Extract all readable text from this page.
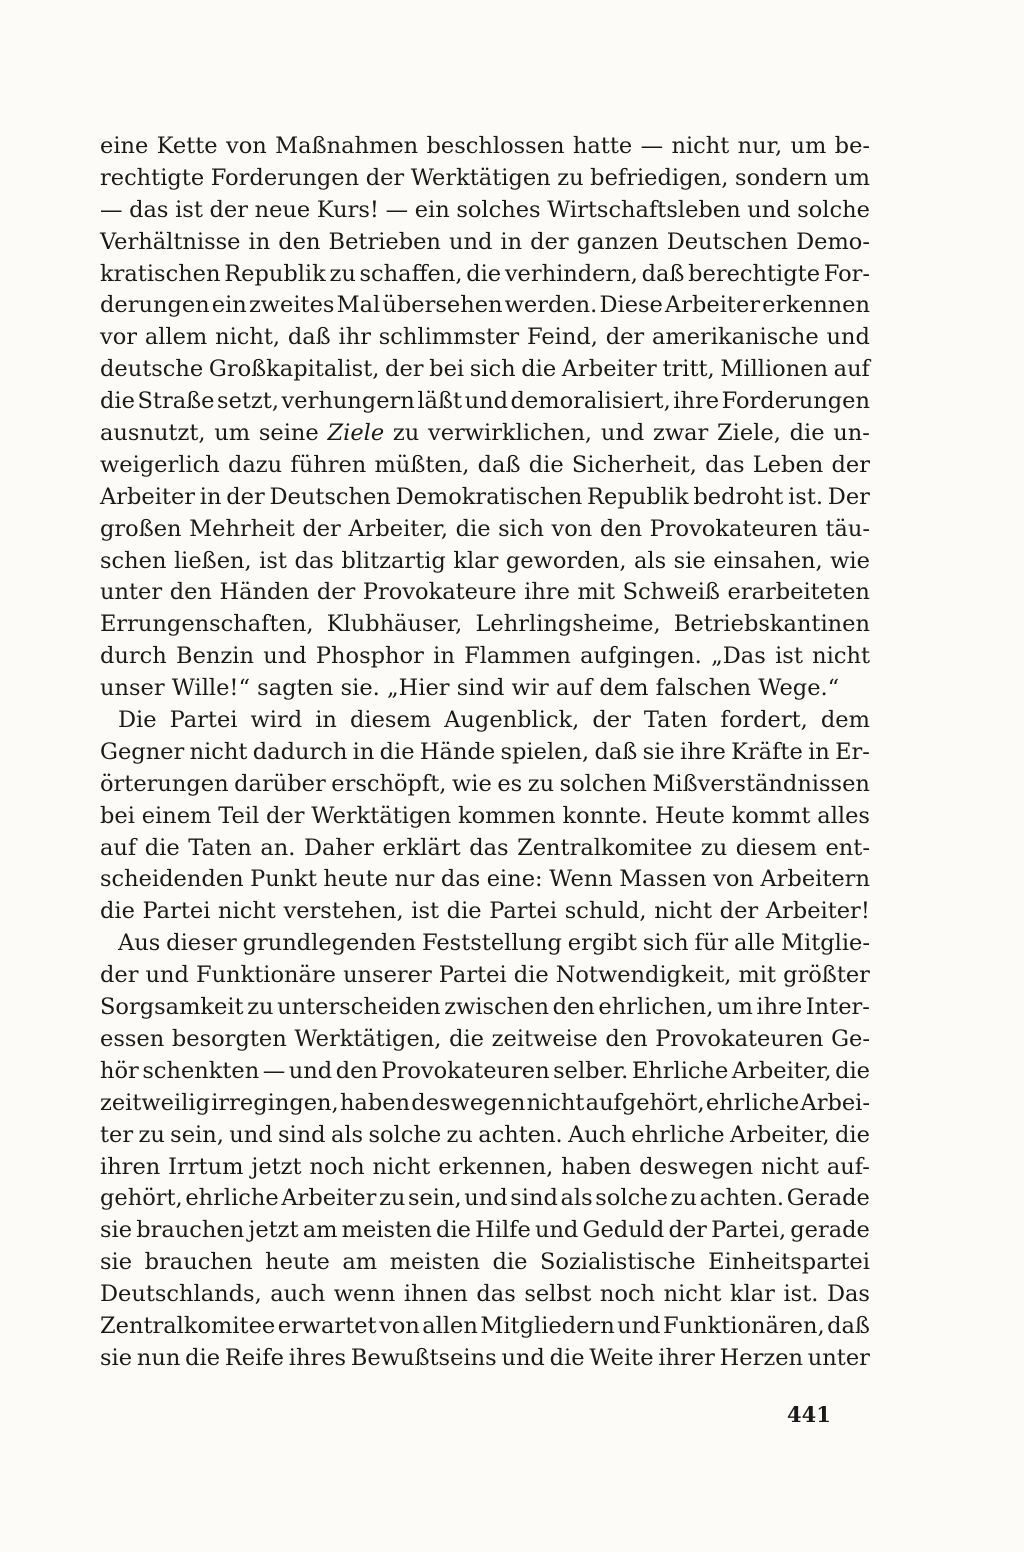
eine Kette von Maßnahmen beschlossen hatte — nicht nur, um be-
rechtigte Forderungen der Werktätigen zu befriedigen, sondern um
— das ist der neue Kurs! — ein solches Wirtschaftsleben und solche
Verhältnisse in den Betrieben und in der ganzen Deutschen Demo-
kratischen Republik zu schaffen, die verhindern, daß berechtigte For-
derungen ein zweites Mal übersehen werden. Diese Arbeiter erkennen
vor allem nicht, daß ihr schlimmster Feind, der amerikanische und
deutsche Großkapitalist, der bei sich die Arbeiter tritt, Millionen auf
die Straße setzt, verhungern läßt und demoralisiert, ihre Forderungen
ausnutzt, um seine Ziele zu verwirklichen, und zwar Ziele, die un-
weigerlich dazu führen müßten, daß die Sicherheit, das Leben der
Arbeiter in der Deutschen Demokratischen Republik bedroht ist. Der
großen Mehrheit der Arbeiter, die sich von den Provokateuren täu-
schen ließen, ist das blitzartig klar geworden, als sie einsahen, wie
unter den Händen der Provokateure ihre mit Schweiß erarbeiteten
Errungenschaften, Klubhäuser, Lehrlingsheime, Betriebskantinen
durch Benzin und Phosphor in Flammen aufgingen. „Das ist nicht
unser Wille!“ sagten sie. „Hier sind wir auf dem falschen Wege.“
Die Partei wird in diesem Augenblick, der Taten fordert, dem
Gegner nicht dadurch in die Hände spielen, daß sie ihre Kräfte in Er-
örterungen darüber erschöpft, wie es zu solchen Mißverständnissen
bei einem Teil der Werktätigen kommen konnte. Heute kommt alles
auf die Taten an. Daher erklärt das Zentralkomitee zu diesem ent-
scheidenden Punkt heute nur das eine: Wenn Massen von Arbeitern
die Partei nicht verstehen, ist die Partei schuld, nicht der Arbeiter!
Aus dieser grundlegenden Feststellung ergibt sich für alle Mitglie-
der und Funktionäre unserer Partei die Notwendigkeit, mit größter
Sorgsamkeit zu unterscheiden zwischen den ehrlichen, um ihre Inter-
essen besorgten Werktätigen, die zeitweise den Provokateuren Ge-
hör schenkten — und den Provokateuren selber. Ehrliche Arbeiter, die
zeitweilig irregingen, haben deswegen nicht aufgehört, ehrliche Arbei-
ter zu sein, und sind als solche zu achten. Auch ehrliche Arbeiter, die
ihren Irrtum jetzt noch nicht erkennen, haben deswegen nicht auf-
gehört, ehrliche Arbeiter zu sein, und sind als solche zu achten. Gerade
sie brauchen jetzt am meisten die Hilfe und Geduld der Partei, gerade
sie brauchen heute am meisten die Sozialistische Einheitspartei
Deutschlands, auch wenn ihnen das selbst noch nicht klar ist. Das
Zentralkomitee erwartet von allen Mitgliedern und Funktionären, daß
sie nun die Reife ihres Bewußtseins und die Weite ihrer Herzen unter
441
